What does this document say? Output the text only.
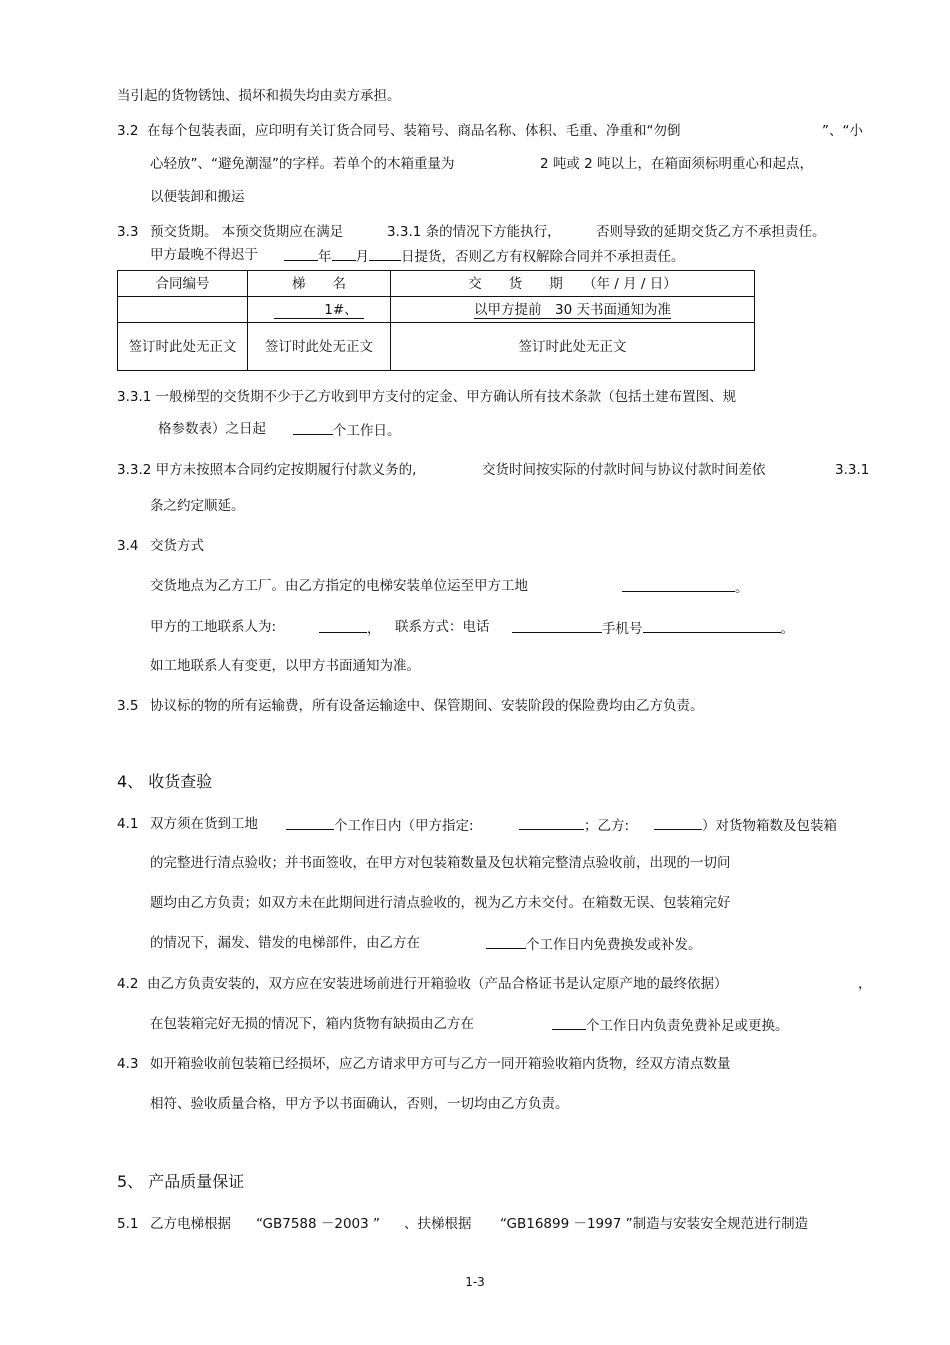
当引起的货物锈蚀、损坏和损失均由卖方承担。
3.2 在每个包装表面，应印明有关订货合同号、装箱号、商品名称、体积、毛重、净重和“勿倒	”、“小
心轻放”、“避免潮湿”的字样。若单个的木箱重量为	2 吨或 2 吨以上，在箱面须标明重心和起点，
以便装卸和搬运
3.3 预交货期。 本预交货期应在满足	3.3.1 条的情况下方能执行，	否则导致的延期交货乙方不承担责任。
甲方最晚不得迟于	年 月 日提货，否则乙方有权解除合同并不承担责任。
合同编号	梯　　名	交　　货　　期　　（年 / 月 / 日）
	1#、	以甲方提前　30 天书面通知为准
签订时此处无正文	签订时此处无正文	签订时此处无正文
3.3.1 一般梯型的交货期不少于乙方收到甲方支付的定金、甲方确认所有技术条款（包括土建布置图、规
格参数表）之日起	个工作日。
3.3.2 甲方未按照本合同约定按期履行付款义务的,	交货时间按实际的付款时间与协议付款时间差依	3.3.1
条之约定顺延。
3.4 交货方式
交货地点为乙方工厂。由乙方指定的电梯安装单位运至甲方工地	。
甲方的工地联系人为:	， 联系方式：电话	手机号	。
如工地联系人有变更，以甲方书面通知为准。
3.5 协议标的物的所有运输费，所有设备运输途中、保管期间、安装阶段的保险费均由乙方负责。
4、 收货查验
4.1 双方须在货到工地	个工作日内（甲方指定:	；乙方:	）对货物箱数及包装箱
的完整进行清点验收；并书面签收，在甲方对包装箱数量及包状箱完整清点验收前，出现的一切问
题均由乙方负责；如双方未在此期间进行清点验收的，视为乙方未交付。在箱数无误、包装箱完好
的情况下，漏发、错发的电梯部件，由乙方在	个工作日内免费换发或补发。
4.2 由乙方负责安装的，双方应在安装进场前进行开箱验收（产品合格证书是认定原产地的最终依据）	，
在包装箱完好无损的情况下，箱内货物有缺损由乙方在	个工作日内负责免费补足或更换。
4.3 如开箱验收前包装箱已经损坏，应乙方请求甲方可与乙方一同开箱验收箱内货物，经双方清点数量
相符、验收质量合格，甲方予以书面确认，否则，一切均由乙方负责。
5、 产品质量保证
5.1 乙方电梯根据 “GB7588 －2003 ” 、扶梯根据 “GB16899 －1997 ”制造与安装安全规范进行制造
1-3
